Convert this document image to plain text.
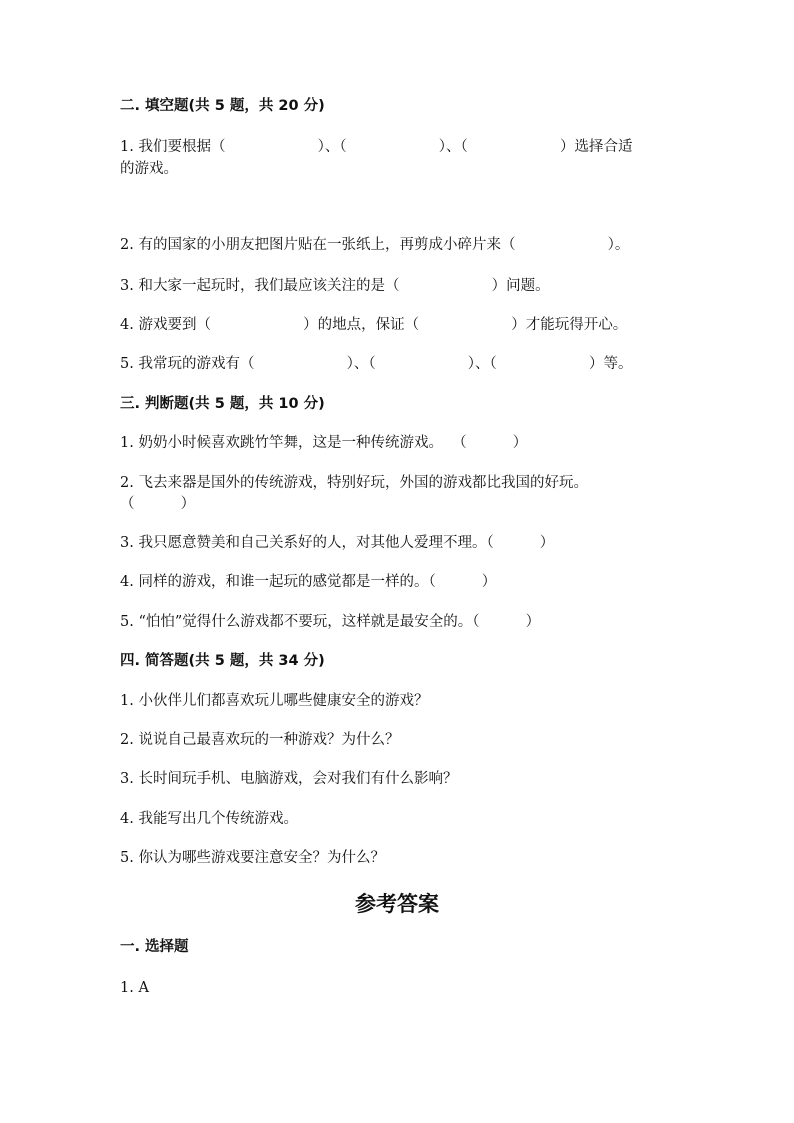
二. 填空题(共 5 题，共 20 分)

1. 我们要根据（                    ）、（                    ）、（                    ）选择合适

的游戏。

2. 有的国家的小朋友把图片贴在一张纸上，再剪成小碎片来（                    ）。

3. 和大家一起玩时，我们最应该关注的是（                    ）问题。

4. 游戏要到（                    ）的地点，保证（                    ）才能玩得开心。

5. 我常玩的游戏有（                    ）、（                    ）、（                    ）等。

三. 判断题(共 5 题，共 10 分)

1. 奶奶小时候喜欢跳竹竿舞，这是一种传统游戏。  （          ）

2. 飞去来器是国外的传统游戏，特别好玩，外国的游戏都比我国的好玩。

（          ）

3. 我只愿意赞美和自己关系好的人，对其他人爱理不理。（          ）

4. 同样的游戏，和谁一起玩的感觉都是一样的。（          ）

5. “怕怕”觉得什么游戏都不要玩，这样就是最安全的。（          ）

四. 简答题(共 5 题，共 34 分)

1. 小伙伴儿们都喜欢玩儿哪些健康安全的游戏？

2. 说说自己最喜欢玩的一种游戏？为什么？

3. 长时间玩手机、电脑游戏，会对我们有什么影响？

4. 我能写出几个传统游戏。

5. 你认为哪些游戏要注意安全？为什么？

参考答案

一. 选择题

1. A
